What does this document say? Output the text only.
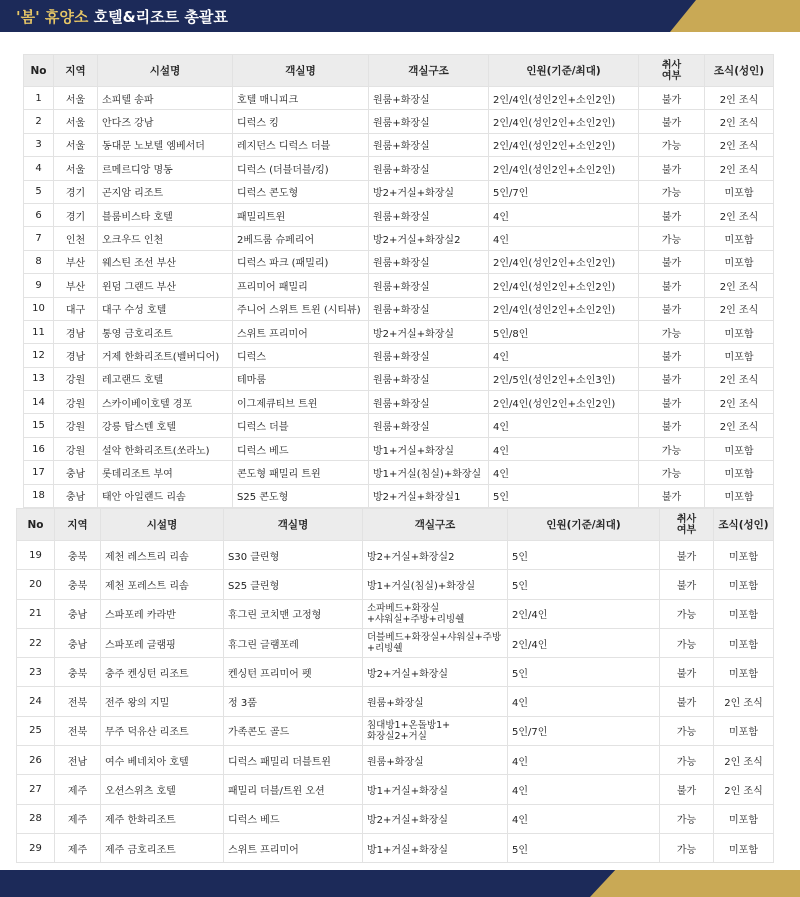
'봄' 휴양소 호텔&리조트 총괄표
No	지역	시설명	객실명	객실구조	인원(기준/최대)	취사
여부	조식(성인)
1	서울	소피텔 송파	호텔 매니피크	원룸+화장실	2인/4인(성인2인+소인2인)	불가	2인 조식
2	서울	안다즈 강남	디럭스 킹	원룸+화장실	2인/4인(성인2인+소인2인)	불가	2인 조식
3	서울	동대문 노보텔 엠베서더	레지던스 디럭스 더블	원룸+화장실	2인/4인(성인2인+소인2인)	가능	2인 조식
4	서울	르메르디앙 명동	디럭스 (더블더블/킹)	원룸+화장실	2인/4인(성인2인+소인2인)	불가	2인 조식
5	경기	곤지암 리조트	디럭스 콘도형	방2+거실+화장실	5인/7인	가능	미포함
6	경기	블룸비스타 호텔	패밀리트윈	원룸+화장실	4인	불가	2인 조식
7	인천	오크우드 인천	2베드룸 슈페리어	방2+거실+화장실2	4인	가능	미포함
8	부산	웨스틴 조선 부산	디럭스 파크 (패밀리)	원룸+화장실	2인/4인(성인2인+소인2인)	불가	미포함
9	부산	윈덤 그랜드 부산	프리미어 패밀리	원룸+화장실	2인/4인(성인2인+소인2인)	불가	2인 조식
10	대구	대구 수성 호텔	주니어 스위트 트윈 (시티뷰)	원룸+화장실	2인/4인(성인2인+소인2인)	불가	2인 조식
11	경남	통영 금호리조트	스위트 프리미어	방2+거실+화장실	5인/8인	가능	미포함
12	경남	거제 한화리조트(벨버디어)	디럭스	원룸+화장실	4인	불가	미포함
13	강원	레고랜드 호텔	테마룸	원룸+화장실	2인/5인(성인2인+소인3인)	불가	2인 조식
14	강원	스카이베이호텔 경포	이그제큐티브 트윈	원룸+화장실	2인/4인(성인2인+소인2인)	불가	2인 조식
15	강원	강릉 탑스텐 호텔	디럭스 더블	원룸+화장실	4인	불가	2인 조식
16	강원	설악 한화리조트(쏘라노)	디럭스 베드	방1+거실+화장실	4인	가능	미포함
17	충남	롯데리조트 부여	콘도형 패밀리 트윈	방1+거실(침실)+화장실	4인	가능	미포함
18	충남	태안 아일랜드 리솜	S25 콘도형	방2+거실+화장실1	5인	불가	미포함
No	지역	시설명	객실명	객실구조	인원(기준/최대)	취사
여부	조식(성인)
19	충북	제천 레스트리 리솜	S30 클린형	방2+거실+화장실2	5인	불가	미포함
20	충북	제천 포레스트 리솜	S25 클린형	방1+거실(침실)+화장실	5인	불가	미포함
21	충남	스파포레 카라반	휴그린 코치맨 고정형	소파베드+화장실
+샤워실+주방+리빙쉘	2인/4인	가능	미포함
22	충남	스파포레 글램핑	휴그린 글램포레	더블베드+화장실+샤워실+주방
+리빙쉘	2인/4인	가능	미포함
23	충북	충주 켄싱턴 리조트	켄싱턴 프리미어 펫	방2+거실+화장실	5인	불가	미포함
24	전북	전주 왕의 지밀	정 3품	원룸+화장실	4인	불가	2인 조식
25	전북	무주 덕유산 리조트	가족콘도 골드	침대방1+온돌방1+
화장실2+거실	5인/7인	가능	미포함
26	전남	여수 베네치아 호텔	디럭스 패밀리 더블트윈	원룸+화장실	4인	가능	2인 조식
27	제주	오션스위츠 호텔	패밀리 더블/트윈 오션	방1+거실+화장실	4인	불가	2인 조식
28	제주	제주 한화리조트	디럭스 베드	방2+거실+화장실	4인	가능	미포함
29	제주	제주 금호리조트	스위트 프리미어	방1+거실+화장실	5인	가능	미포함
